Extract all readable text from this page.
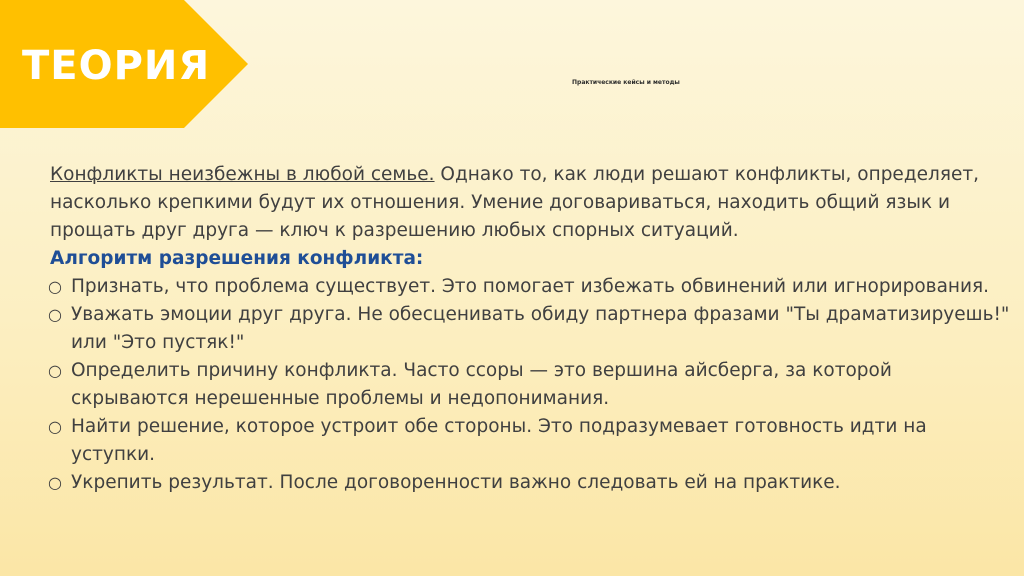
ТЕОРИЯ	Практические кейсы и методы

Конфликты неизбежны в любой семье. Однако то, как люди решают конфликты, определяет, насколько крепкими будут их отношения. Умение договариваться, находить общий язык и прощать друг друга — ключ к разрешению любых спорных ситуаций.

Алгоритм разрешения конфликта:

○ Признать, что проблема существует. Это помогает избежать обвинений или игнорирования.
○ Уважать эмоции друг друга. Не обесценивать обиду партнера фразами "Ты драматизируешь!" или "Это пустяк!"
○ Определить причину конфликта. Часто ссоры — это вершина айсберга, за которой скрываются нерешенные проблемы и недопонимания.
○ Найти решение, которое устроит обе стороны. Это подразумевает готовность идти на уступки.
○ Укрепить результат. После договоренности важно следовать ей на практике.
